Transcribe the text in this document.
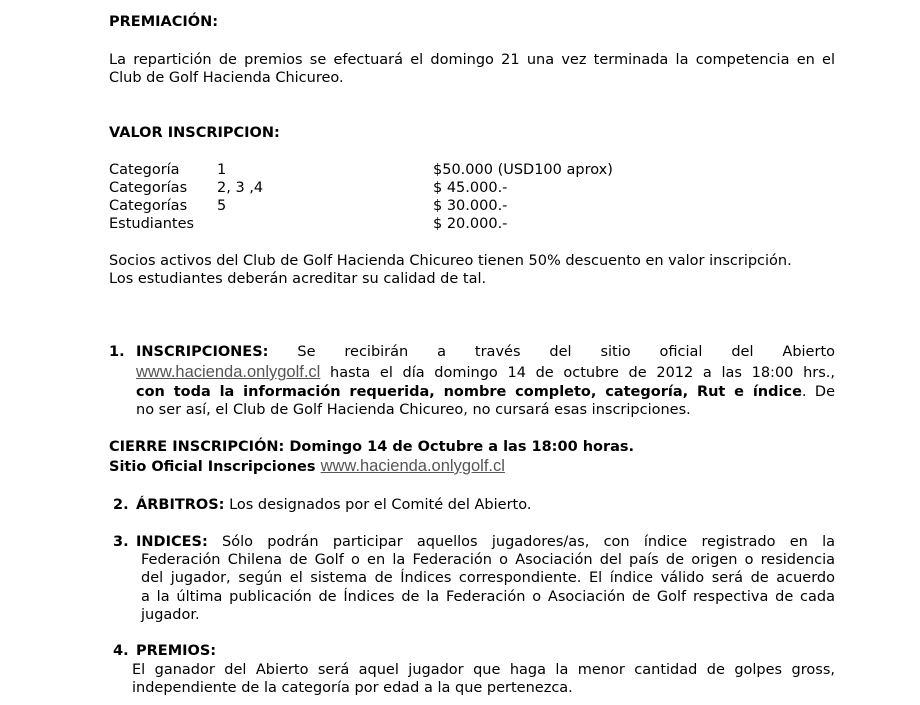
PREMIACIÓN:
La repartición de premios se efectuará el domingo 21 una vez terminada la competencia en el
Club de Golf Hacienda Chicureo.
VALOR INSCRIPCION:
Categoría	1	$50.000 (USD100 aprox)
Categorías 2, 3 ,4	$ 45.000.-
Categorías 5	$ 30.000.-
Estudiantes	$ 20.000.-
Socios activos del Club de Golf Hacienda Chicureo tienen 50% descuento en valor inscripción.
Los estudiantes deberán acreditar su calidad de tal.
1. INSCRIPCIONES: Se recibirán a través del sitio oficial del Abierto
www.hacienda.onlygolf.cl hasta el día domingo 14 de octubre de 2012 a las 18:00 hrs.,
con toda la información requerida, nombre completo, categoría, Rut e índice. De
no ser así, el Club de Golf Hacienda Chicureo, no cursará esas inscripciones.
CIERRE INSCRIPCIÓN: Domingo 14 de Octubre a las 18:00 horas.
Sitio Oficial Inscripciones www.hacienda.onlygolf.cl
2. ÁRBITROS: Los designados por el Comité del Abierto.
3. INDICES: Sólo podrán participar aquellos jugadores/as, con índice registrado en la
Federación Chilena de Golf o en la Federación o Asociación del país de origen o residencia
del jugador, según el sistema de Índices correspondiente. El índice válido será de acuerdo
a la última publicación de Índices de la Federación o Asociación de Golf respectiva de cada
jugador.
4. PREMIOS:
El ganador del Abierto será aquel jugador que haga la menor cantidad de golpes gross,
independiente de la categoría por edad a la que pertenezca.
